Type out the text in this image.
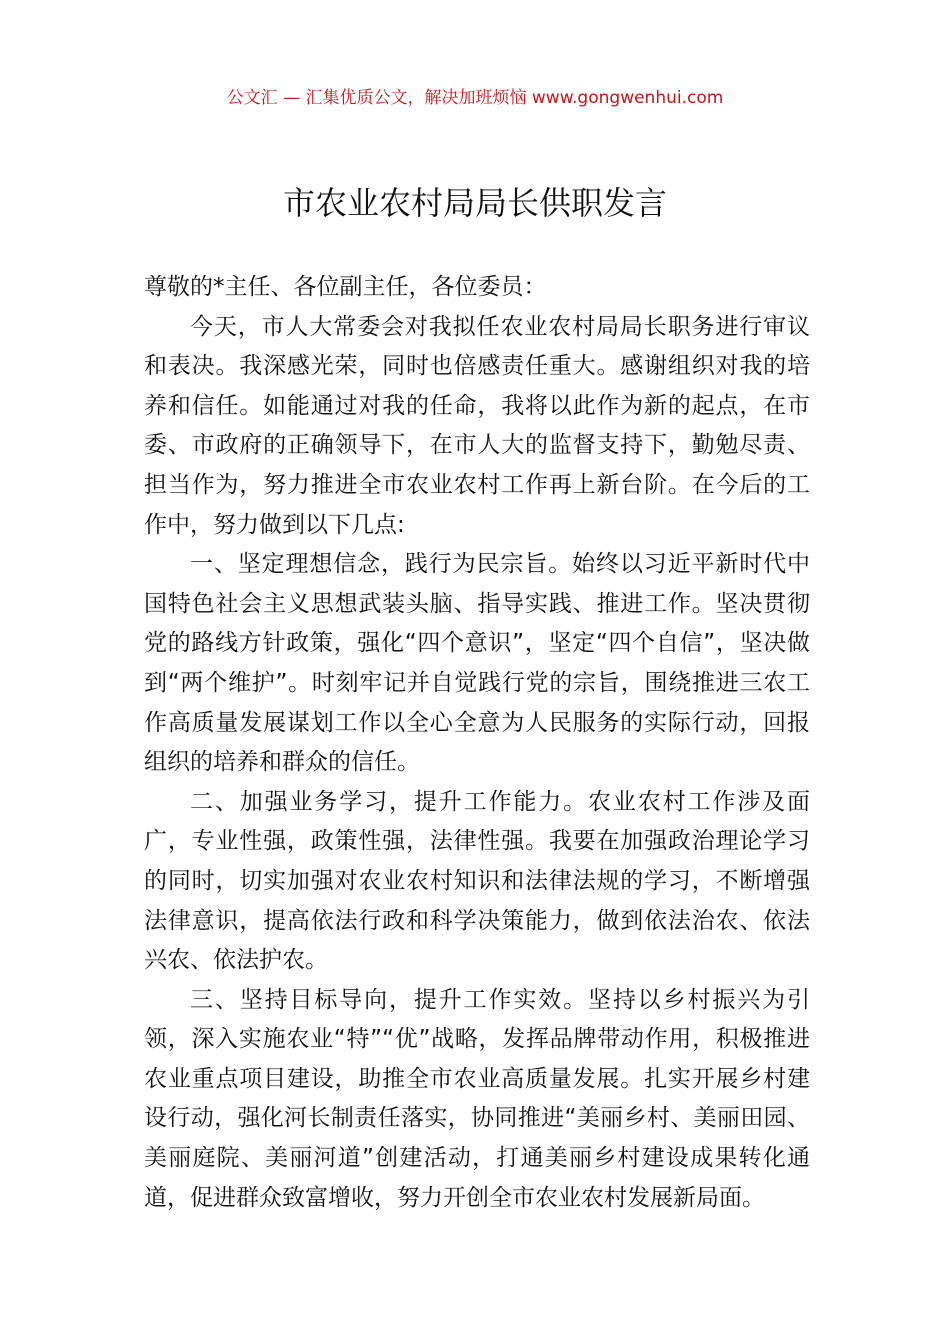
公文汇 — 汇集优质公文，解决加班烦恼 www.gongwenhui.com
市农业农村局局长供职发言

尊敬的*主任、各位副主任，各位委员：

今天，市人大常委会对我拟任农业农村局局长职务进行审议和表决。我深感光荣，同时也倍感责任重大。感谢组织对我的培养和信任。如能通过对我的任命，我将以此作为新的起点，在市委、市政府的正确领导下，在市人大的监督支持下，勤勉尽责、担当作为，努力推进全市农业农村工作再上新台阶。在今后的工作中，努力做到以下几点:

一、坚定理想信念，践行为民宗旨。始终以习近平新时代中国特色社会主义思想武装头脑、指导实践、推进工作。坚决贯彻党的路线方针政策，强化“四个意识”，坚定“四个自信”，坚决做到“两个维护”。时刻牢记并自觉践行党的宗旨，围绕推进三农工作高质量发展谋划工作以全心全意为人民服务的实际行动，回报组织的培养和群众的信任。

二、加强业务学习，提升工作能力。农业农村工作涉及面广，专业性强，政策性强，法律性强。我要在加强政治理论学习的同时，切实加强对农业农村知识和法律法规的学习，不断增强法律意识，提高依法行政和科学决策能力，做到依法治农、依法兴农、依法护农。

三、坚持目标导向，提升工作实效。坚持以乡村振兴为引领，深入实施农业“特”“优”战略，发挥品牌带动作用，积极推进农业重点项目建设，助推全市农业高质量发展。扎实开展乡村建设行动，强化河长制责任落实，协同推进“美丽乡村、美丽田园、美丽庭院、美丽河道”创建活动，打通美丽乡村建设成果转化通道，促进群众致富增收，努力开创全市农业农村发展新局面。
